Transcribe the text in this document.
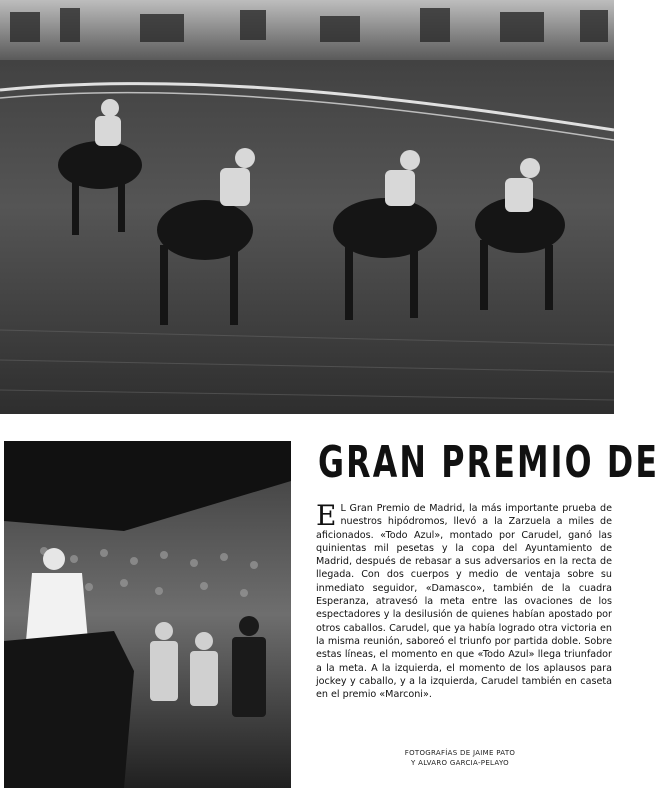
GRAN PREMIO DE

E L Gran Premio de Madrid, la más importante prueba de nuestros hipódromos, llevó a la Zarzuela a miles de aficionados. «Todo Azul», montado por Carudel, ganó las quinientas mil pesetas y la copa del Ayuntamiento de Madrid, después de rebasar a sus adversarios en la recta de llegada. Con dos cuerpos y medio de ventaja sobre su inmediato seguidor, «Damasco», también de la cuadra Esperanza, atravesó la meta entre las ovaciones de los espectadores y la desilusión de quienes habían apostado por otros caballos. Carudel, que ya había logrado otra victoria en la misma reunión, saboreó el triunfo por partida doble. Sobre estas líneas, el momento en que «Todo Azul» llega triunfador a la meta. A la izquierda, el momento de los aplausos para jockey y caballo, y a la izquierda, Carudel también en caseta en el premio «Marconi».

FOTOGRAFÍAS DE JAIME PATO
Y ALVARO GARCIA-PELAYO
